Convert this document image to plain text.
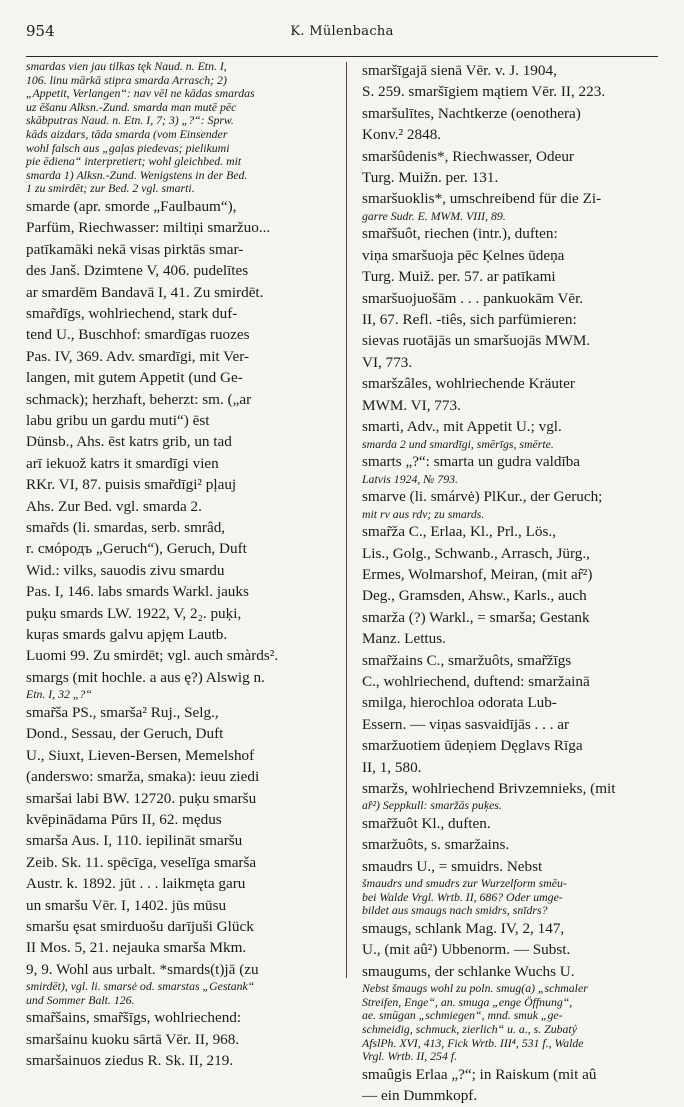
954	K. Mülenbacha

smardas vien jau tilkas tęk Naud. n. Etn. I,

106. linu mārkā stipra smarda Arrasch; 2)

„Appetit, Verlangen“: nav vēl ne kādas smardas

uz ēšanu Alksn.-Zund. smarda man mutē pēc

skābputras Naud. n. Etn. I, 7; 3) „?“: Sprw.

kāds aizdars, tāda smarda (vom Einsender

wohl falsch aus „gaļas piedevas; pielikumi

pie ēdiena“ interpretiert; wohl gleichbed. mit

smarda 1) Alksn.-Zund. Wenigstens in der Bed.

1 zu smirdēt; zur Bed. 2 vgl. smarti.

smarde (apr. smorde „Faulbaum“),

Parfüm, Riechwasser: miltiņi smaržuo...

patīkamāki nekā visas pirktās smar-

des Janš. Dzimtene V, 406. pudelītes

ar smardēm Bandavā I, 41. Zu smirdēt.

smar̃dīgs, wohlriechend, stark duf-

tend U., Buschhof: smardīgas ruozes

Pas. IV, 369. Adv. smardīgi, mit Ver-

langen, mit gutem Appetit (und Ge-

schmack); herzhaft, beherzt: sm. („ar

labu gribu un gardu muti“) ēst

Dünsb., Ahs. ēst katrs grib, un tad

arī iekuož katrs it smardīgi vien

RKr. VI, 87. puisis smar̃dīgi² pļauj

Ahs. Zur Bed. vgl. smarda 2.

smar̃ds (li. smardas, serb. smrâd,

r. смóродъ „Geruch“), Geruch, Duft

Wid.: vilks, sauodis zivu smardu

Pas. I, 146. labs smards Warkl. jauks

puķu smards LW. 1922, V, 2₂. puķi,

kuŗas smards galvu apjęm Lautb.

Luomi 99. Zu smirdēt; vgl. auch smàrds².

smargs (mit hochle. a aus ę?) Alswig n.

Etn. I, 32 „?“

smar̃ša PS., smarša² Ruj., Selg.,

Dond., Sessau, der Geruch, Duft

U., Siuxt, Lieven-Bersen, Memelshof

(anderswo: smarža, smaka): ieuu ziedi

smaršai labi BW. 12720. puķu smaršu

kvēpinādama Pūrs II, 62. mędus

smarša Aus. I, 110. iepilināt smaršu

Zeib. Sk. 11. spēcīga, veselīga smarša

Austr. k. 1892. jūt . . . laikmęta garu

un smaršu Vēr. I, 1402. jūs mūsu

smaršu ęsat smirduošu darījuši Glück

II Mos. 5, 21. nejauka smarša Mkm.

9, 9. Wohl aus urbalt. *smards(t)jā (zu

smirdēt), vgl. li. smarsė od. smarstas „Gestank“

und Sommer Balt. 126.

smar̃šains, smar̃šīgs, wohlriechend:

smaršainu kuoku sārtā Vēr. II, 968.

smaršainuos ziedus R. Sk. II, 219.

smaršīgajā sienā Vēr. v. J. 1904,

S. 259. smaršīgiem mątiem Vēr. II, 223.

smaršulītes, Nachtkerze (oenothera)

Konv.² 2848.

smaršûdenis*, Riechwasser, Odeur

Turg. Muižn. per. 131.

smaršuoklis*, umschreibend für die Zi-

garre Sudr. E. MWM. VIII, 89.

smar̃šuôt, riechen (intr.), duften:

viņa smaršuoja pēc Ķelnes ūdeņa

Turg. Muiž. per. 57. ar patīkami

smaršuojuošām . . . pankuokām Vēr.

II, 67. Refl. -tiês, sich parfümieren:

sievas ruotājās un smaršuojās MWM.

VI, 773.

smaršzâles, wohlriechende Kräuter

MWM. VI, 773.

smarti, Adv., mit Appetit U.; vgl.

smarda 2 und smardīgi, smērīgs, smērte.

smarts „?“: smarta un gudra valdība

Latvis 1924, № 793.

smarve (li. smárvė) PlKur., der Geruch;

mit rv aus rdv; zu smards.

smar̃ža C., Erlaa, Kl., Prl., Lös.,

Lis., Golg., Schwanb., Arrasch, Jürg.,

Ermes, Wolmarshof, Meiran, (mit ar̂²)

Deg., Gramsden, Ahsw., Karls., auch

smarža (?) Warkl., = smarša; Gestank

Manz. Lettus.

smar̃žains C., smaržuôts, smar̃žīgs

C., wohlriechend, duftend: smaržainā

smilga, hierochloa odorata Lub-

Essern. — viņas sasvaidījās . . . ar

smaržuotiem ūdeņiem Dęglavs Rīga

II, 1, 580.

smaržs, wohlriechend Brivzemnieks, (mit

ar̂²) Seppkull: smaržās puķes.

smar̃žuôt Kl., duften.

smaržuôts, s. smaržains.

smaudrs U., = smuidrs. Nebst

šmaudrs und smudrs zur Wurzelform smēu-

bei Walde Vrgl. Wrtb. II, 686? Oder umge-

bildet aus smaugs nach smidrs, snīdrs?

smaugs, schlank Mag. IV, 2, 147,

U., (mit aû²) Ubbenorm. — Subst.

smaugums, der schlanke Wuchs U.

Nebst šmaugs wohl zu poln. smug(a) „schmaler

Streifen, Enge“, an. smuga „enge Öffnung“,

ae. smūgan „schmiegen“, mnd. smuk „ge-

schmeidig, schmuck, zierlich“ u. a., s. Zubatý

AfslPh. XVI, 413, Fick Wrtb. III⁴, 531 f., Walde

Vrgl. Wrtb. II, 254 f.

smaûgis Erlaa „?“; in Raiskum (mit aû

— ein Dummkopf.
